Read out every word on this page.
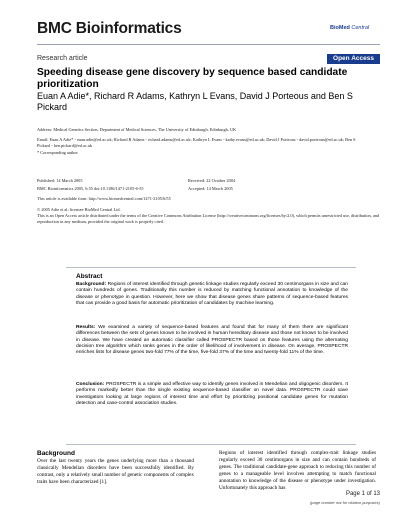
BMC Bioinformatics	BioMed Central
Research article	Open Access
Speeding disease gene discovery by sequence based candidate prioritization
Euan A Adie*, Richard R Adams, Kathryn L Evans, David J Porteous and Ben S Pickard
Address: Medical Genetics Section, Department of Medical Sciences, The University of Edinburgh, Edinburgh, UK
Email: Euan A Adie* - euan.adie@ed.ac.uk; Richard R Adams - richard.adams@ed.ac.uk; Kathryn L Evans - kathy.evans@ed.ac.uk; David J Porteous - david.porteous@ed.ac.uk; Ben S Pickard - ben.pickard@ed.ac.uk
* Corresponding author
Published: 14 March 2005	Received: 22 October 2004
BMC Bioinformatics 2005, 6:55 doi:10.1186/1471-2105-6-55	Accepted: 14 March 2005
This article is available from: http://www.biomedcentral.com/1471-2105/6/55
© 2005 Adie et al; licensee BioMed Central Ltd.
This is an Open Access article distributed under the terms of the Creative Commons Attribution License (http://creativecommons.org/licenses/by/2.0), which permits unrestricted use, distribution, and reproduction in any medium, provided the original work is properly cited.
Abstract
Background: Regions of interest identified through genetic linkage studies regularly exceed 30 centimorgans in size and can contain hundreds of genes. Traditionally this number is reduced by matching functional annotation to knowledge of the disease or phenotype in question. However, here we show that disease genes share patterns of sequence-based features that can provide a good basis for automatic prioritization of candidates by machine learning.
Results: We examined a variety of sequence-based features and found that for many of them there are significant differences between the sets of genes known to be involved in human hereditary disease and those not known to be involved in disease. We have created an automatic classifier called PROSPECTR based on those features using the alternating decision tree algorithm which ranks genes in the order of likelihood of involvement in disease. On average, PROSPECTR enriches lists for disease genes two-fold 77% of the time, five-fold 37% of the time and twenty-fold 11% of the time.
Conclusion: PROSPECTR is a simple and effective way to identify genes involved in Mendelian and oligogenic disorders. It performs markedly better than the single existing sequence-based classifier on novel data. PROSPECTR could save investigators looking at large regions of interest time and effort by prioritizing positional candidate genes for mutation detection and case-control association studies.
Background
Over the last twenty years the genes underlying more than a thousand classically Mendelian disorders have been successfully identified. By contrast, only a relatively small number of genetic components of complex traits have been characterized [1].
Regions of interest identified through complex-trait linkage studies regularly exceed 30 centimorgans in size and can contain hundreds of genes. The traditional candidate-gene approach to reducing this number of genes to a manageable level involves attempting to match functional annotation to knowledge of the disease or phenotype under investigation. Unfortunately this approach has
Page 1 of 13
(page number not for citation purposes)
